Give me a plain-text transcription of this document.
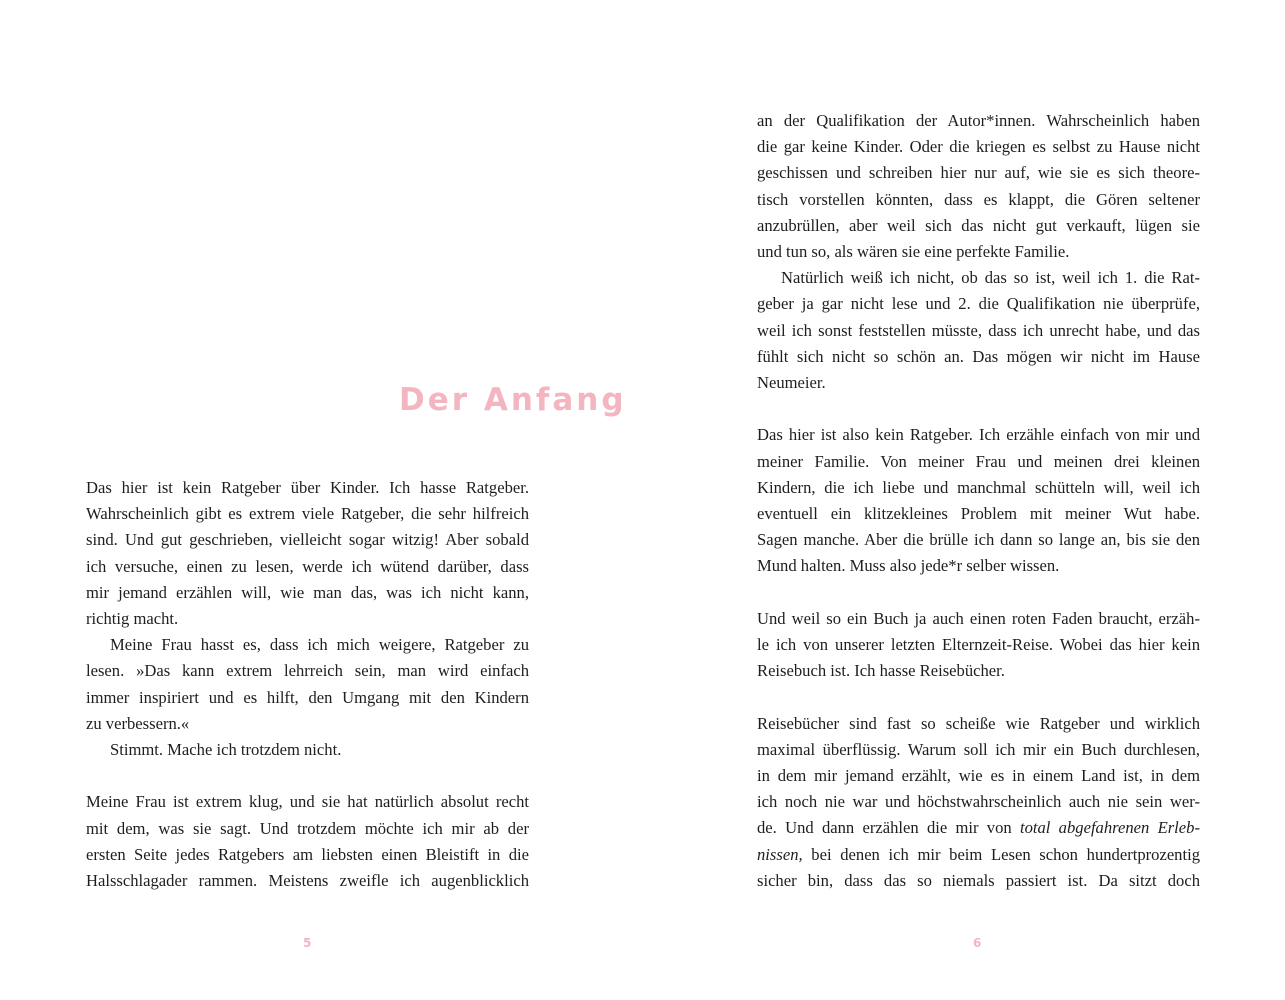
Der Anfang
Das hier ist kein Ratgeber über Kinder. Ich hasse Ratgeber.
Wahrscheinlich gibt es extrem viele Ratgeber, die sehr hilfreich
sind. Und gut geschrieben, vielleicht sogar witzig! Aber sobald
ich versuche, einen zu lesen, werde ich wütend darüber, dass
mir jemand erzählen will, wie man das, was ich nicht kann,
richtig macht.
Meine Frau hasst es, dass ich mich weigere, Ratgeber zu
lesen. »Das kann extrem lehrreich sein, man wird einfach
immer inspiriert und es hilft, den Umgang mit den Kindern
zu verbessern.«
Stimmt. Mache ich trotzdem nicht.

Meine Frau ist extrem klug, und sie hat natürlich absolut recht
mit dem, was sie sagt. Und trotzdem möchte ich mir ab der
ersten Seite jedes Ratgebers am liebsten einen Bleistift in die
Halsschlagader rammen. Meistens zweifle ich augenblicklich
5
an der Qualifikation der Autor*innen. Wahrscheinlich haben
die gar keine Kinder. Oder die kriegen es selbst zu Hause nicht
geschissen und schreiben hier nur auf, wie sie es sich theore-
tisch vorstellen könnten, dass es klappt, die Gören seltener
anzubrüllen, aber weil sich das nicht gut verkauft, lügen sie
und tun so, als wären sie eine perfekte Familie.
Natürlich weiß ich nicht, ob das so ist, weil ich 1. die Rat-
geber ja gar nicht lese und 2. die Qualifikation nie überprüfe,
weil ich sonst feststellen müsste, dass ich unrecht habe, und das
fühlt sich nicht so schön an. Das mögen wir nicht im Hause
Neumeier.

Das hier ist also kein Ratgeber. Ich erzähle einfach von mir und
meiner Familie. Von meiner Frau und meinen drei kleinen
Kindern, die ich liebe und manchmal schütteln will, weil ich
eventuell ein klitzekleines Problem mit meiner Wut habe.
Sagen manche. Aber die brülle ich dann so lange an, bis sie den
Mund halten. Muss also jede*r selber wissen.

Und weil so ein Buch ja auch einen roten Faden braucht, erzäh-
le ich von unserer letzten Elternzeit-Reise. Wobei das hier kein
Reisebuch ist. Ich hasse Reisebücher.

Reisebücher sind fast so scheiße wie Ratgeber und wirklich
maximal überflüssig. Warum soll ich mir ein Buch durchlesen,
in dem mir jemand erzählt, wie es in einem Land ist, in dem
ich noch nie war und höchstwahrscheinlich auch nie sein wer-
de. Und dann erzählen die mir von total abgefahrenen Erleb-
nissen, bei denen ich mir beim Lesen schon hundertprozentig
sicher bin, dass das so niemals passiert ist. Da sitzt doch
6
